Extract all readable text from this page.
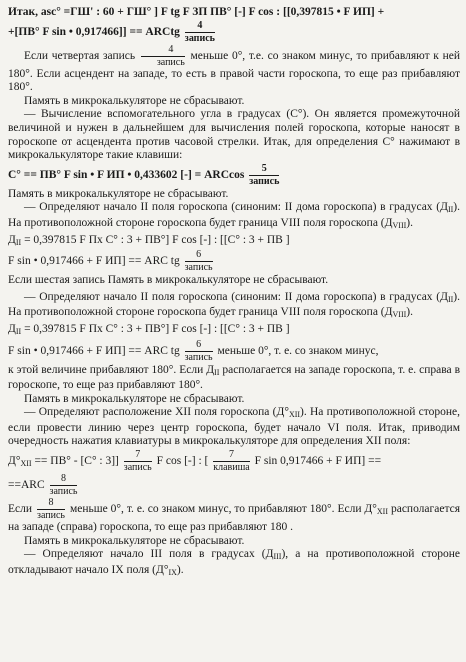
Итак, asc° =ГШ' : 60 + ГШ° ] F tg F ЗП ПВ° [-] F cos : [[0,397815 • F ИП] +

+[ПВ° F sin • 0,917466]] == ARCtg
4
запись

Если четвертая запись
4
запись
меньше 0°, т.е. со знаком минус, то прибавляют к ней 180°. Если асцендент на западе, то есть в правой части гороскопа, то еще раз прибавляют 180°.

Память в микрокалькуляторе не сбрасывают.

— Вычисление вспомогательного угла в градусах (С°). Он является промежуточной величиной и нужен в дальнейшем для вычисления полей гороскопа, которые наносят в гороскопе от асцендента против часовой стрелки. Итак, для определения С° нажимают в микрокалькуляторе такие клавиши:

С° == ПВ° F sin • F ИП • 0,433602 [-] = ARCcos
5
запись

Память в микрокалькуляторе не сбрасывают.

— Определяют начало II поля гороскопа (синоним: II дома гороскопа) в градусах $(Д_{II})$. На противоположной стороне гороскопа будет граница VIII поля гороскопа $(Д_{VIII})$.

$Д_{II} = 0,397815$ F Пх С° : 3 + ПВ°] F cos [-] : [[С° : 3 + ПВ ]

F sin • 0,917466 + F ИП] == ARC tg
6
запись

Если шестая запись Память в микрокалькуляторе не сбрасывают.

— Определяют начало II поля гороскопа (синоним: II дома гороскопа) в градусах $(Д_{II})$. На противоположной стороне гороскопа будет граница VIII поля гороскопа $(Д_{VIII})$.

$Д_{II} = 0,397815$ F Пх С° : 3 + ПВ°] F cos [-] : [[С° : 3 + ПВ ]

F sin • 0,917466 + F ИП] == ARC tg
6
запись
меньше 0°, т. е. со знаком минус,

к этой величине прибавляют 180°. Если $Д_{II}$ располагается на западе гороскопа, т. е. справа в гороскопе, то еще раз прибавляют 180°.

Память в микрокалькуляторе не сбрасывают.

— Определяют расположение XII поля гороскопа $(Д^\circ_{XII})$. На противоположной стороне, если провести линию через центр гороскопа, будет начало VI поля. Итак, приводим очередность нажатия клавиатуры в микрокалькуляторе для определения XII поля:

$Д^\circ_{XII} == ПВ^\circ - [С^\circ$ : 3]]
7
запись
F cos [-] : [
7
клавиша
F sin 0,917466 + F ИП] ==

==ARC
8
запись

Если
8
запись
меньше 0°, т. е. со знаком минус, то прибавляют 180°. Если $Д^\circ_{XII}$ располагается на западе (справа) гороскопа, то еще раз прибавляют 180 .

Память в микрокалькуляторе не сбрасывают.

— Определяют начало III поля в градусах $(Д_{III})$, а на противоположной стороне откладывают начало IX поля $(Д^\circ_{IX})$.
